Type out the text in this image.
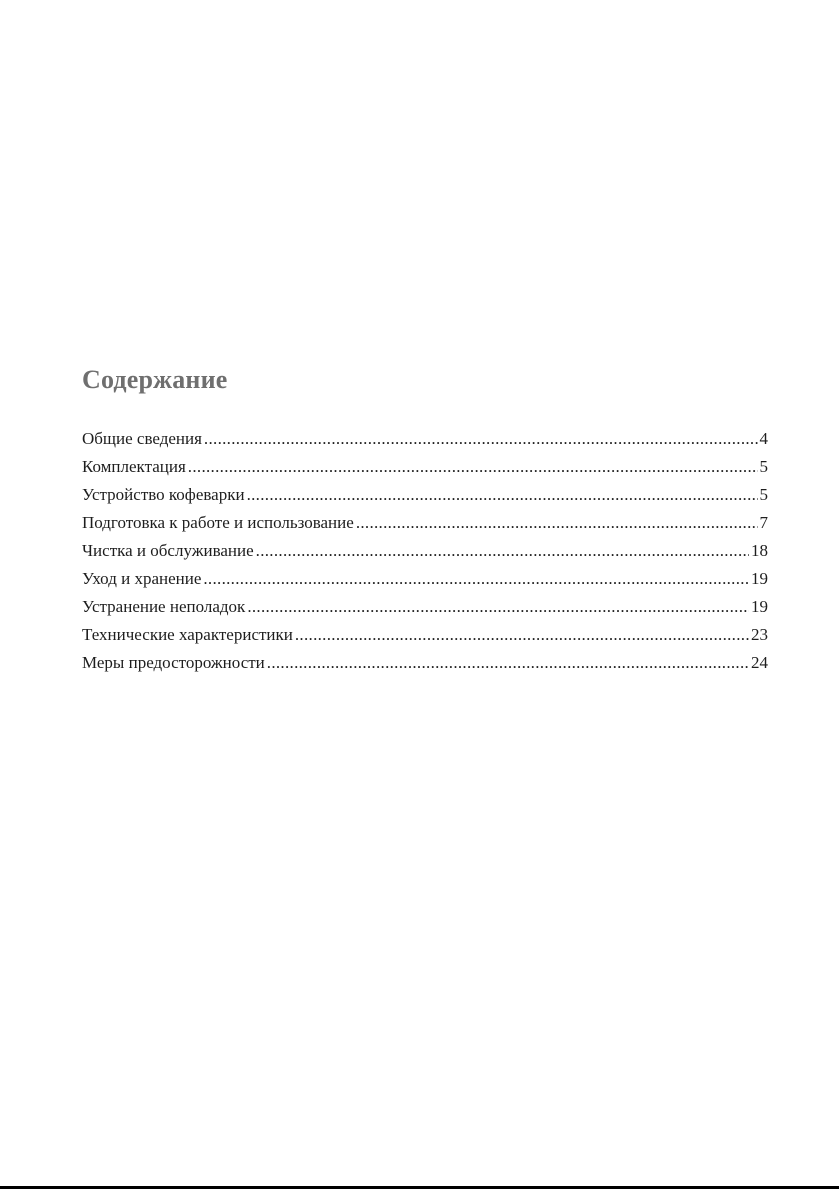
Содержание
Общие сведения .....	4
Комплектация .....	5
Устройство кофеварки .....	5
Подготовка к работе и использование .....	7
Чистка и обслуживание .....	18
Уход и хранение .....	19
Устранение неполадок .....	19
Технические характеристики .....	23
Меры предосторожности .....	24
